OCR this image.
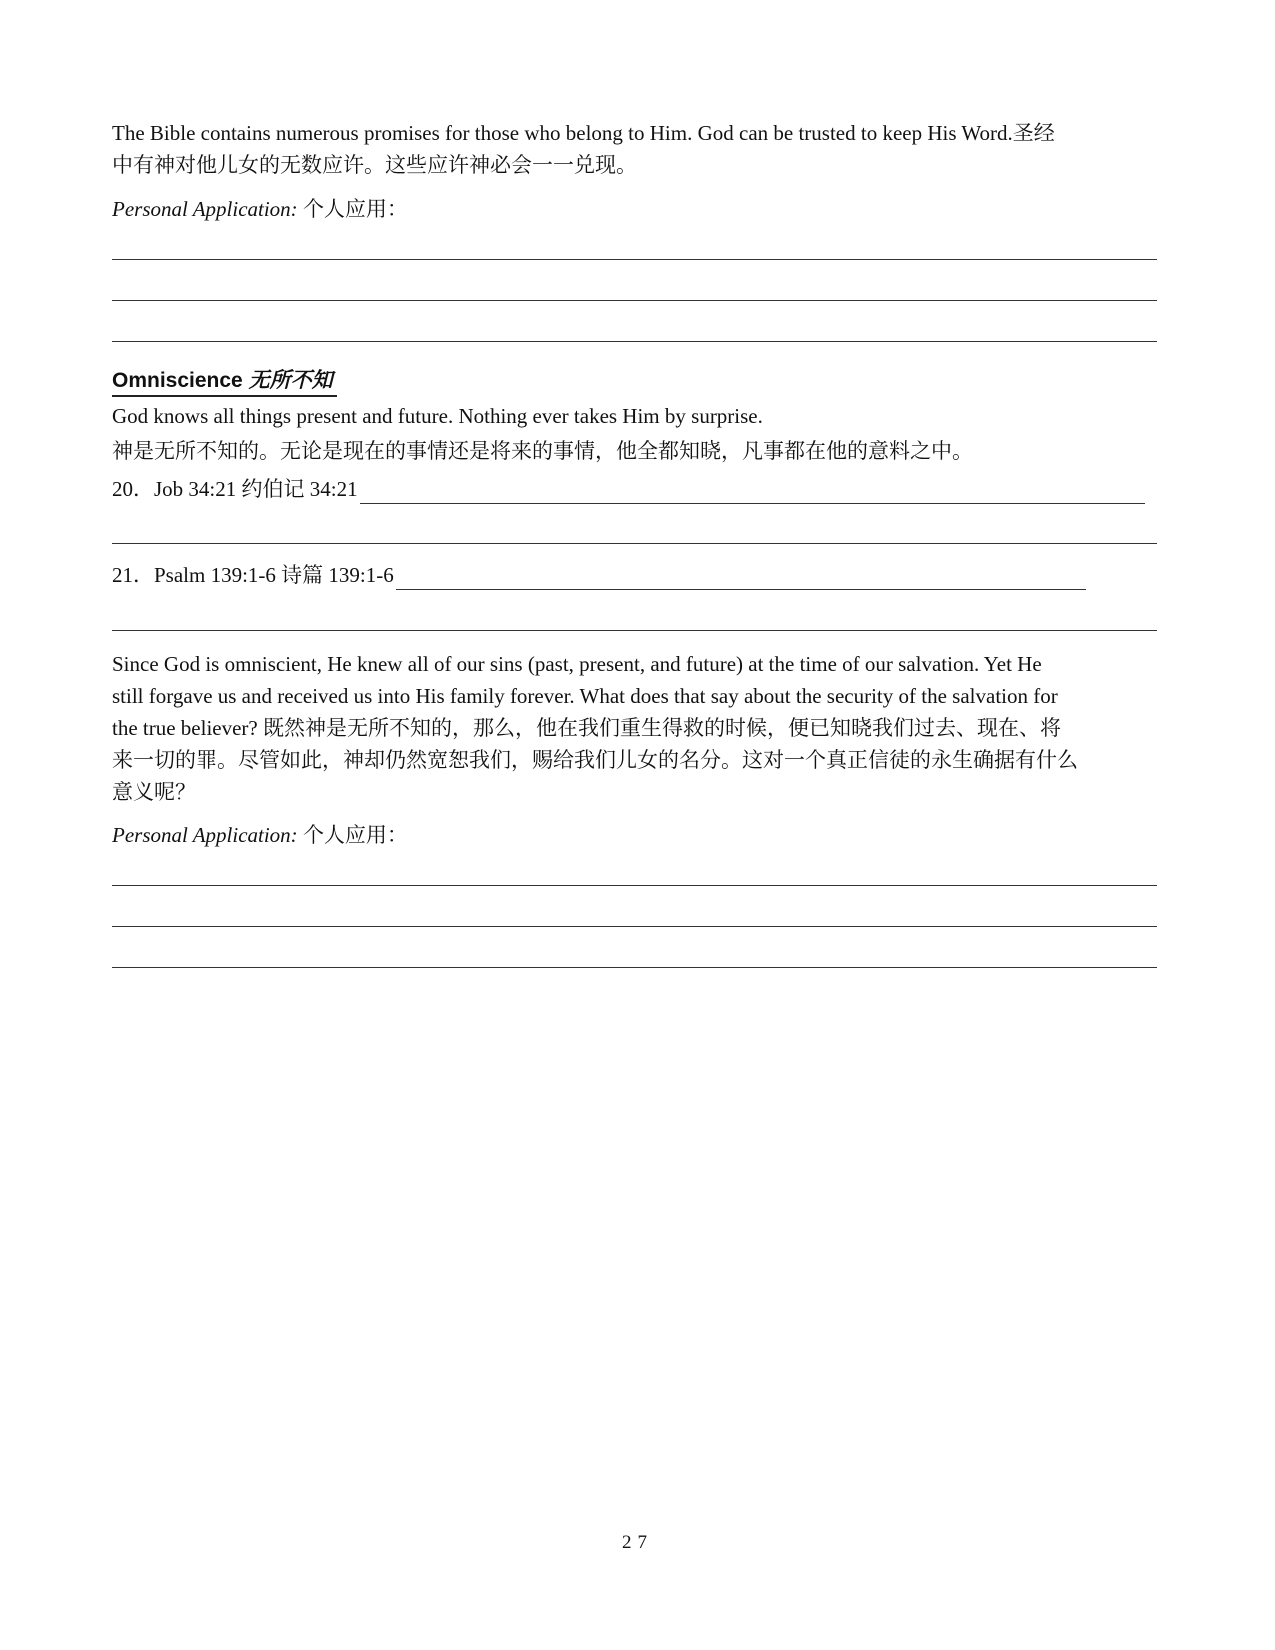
The Bible contains numerous promises for those who belong to Him. God can be trusted to keep His Word.圣经
中有神对他儿女的无数应许。这些应许神必会一一兑现。
Personal Application: 个人应用：
Omniscience 无所不知
God knows all things present and future. Nothing ever takes Him by surprise.
神是无所不知的。无论是现在的事情还是将来的事情，他全都知晓，凡事都在他的意料之中。
20． Job 34:21 约伯记 34:21
21． Psalm 139:1-6 诗篇 139:1-6
Since God is omniscient, He knew all of our sins (past, present, and future) at the time of our salvation. Yet He
still forgave us and received us into His family forever. What does that say about the security of the salvation for
the true believer? 既然神是无所不知的，那么，他在我们重生得救的时候，便已知晓我们过去、现在、将
来一切的罪。尽管如此，神却仍然宽恕我们，赐给我们儿女的名分。这对一个真正信徒的永生确据有什么
意义呢？
Personal Application: 个人应用：
27
